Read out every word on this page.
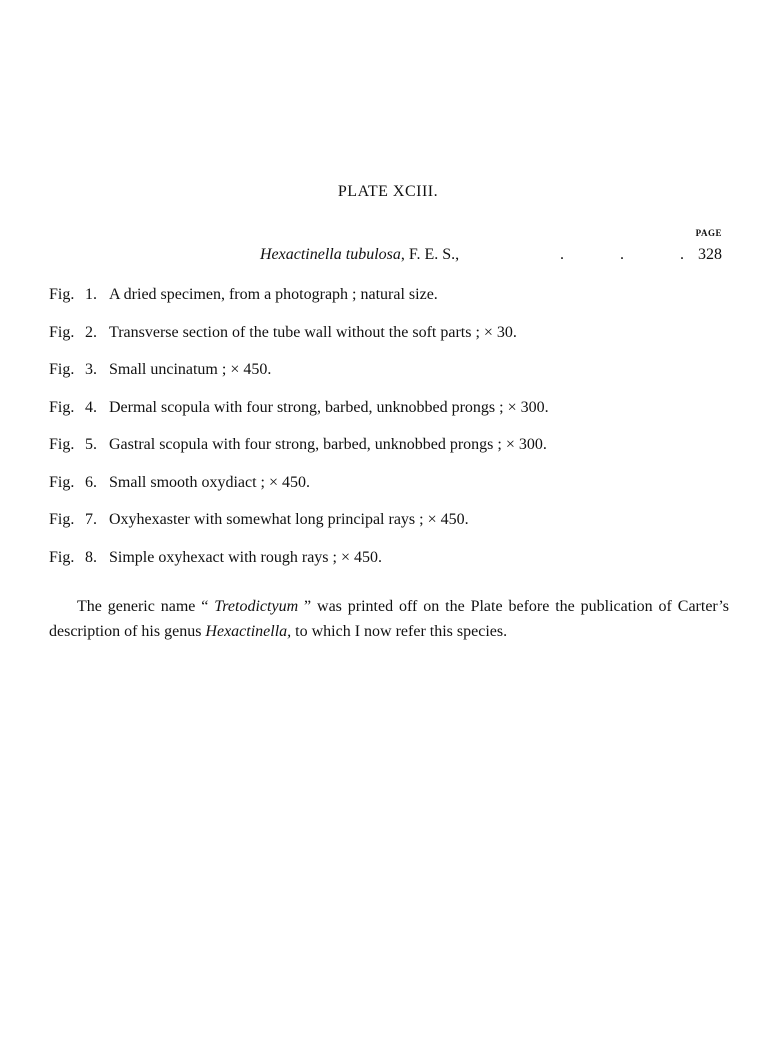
PLATE XCIII.
PAGE
Hexactinella tubulosa, F. E. S.,	.	.	. 328
Fig. 1. A dried specimen, from a photograph ; natural size.
Fig. 2. Transverse section of the tube wall without the soft parts ; × 30.
Fig. 3. Small uncinatum ; × 450.
Fig. 4. Dermal scopula with four strong, barbed, unknobbed prongs ; × 300.
Fig. 5. Gastral scopula with four strong, barbed, unknobbed prongs ; × 300.
Fig. 6. Small smooth oxydiact ; × 450.
Fig. 7. Oxyhexaster with somewhat long principal rays ; × 450.
Fig. 8. Simple oxyhexact with rough rays ; × 450.

The generic name “ Tretodictyum ” was printed off on the Plate before the publication of Carter’s description of his genus Hexactinella, to which I now refer this species.
